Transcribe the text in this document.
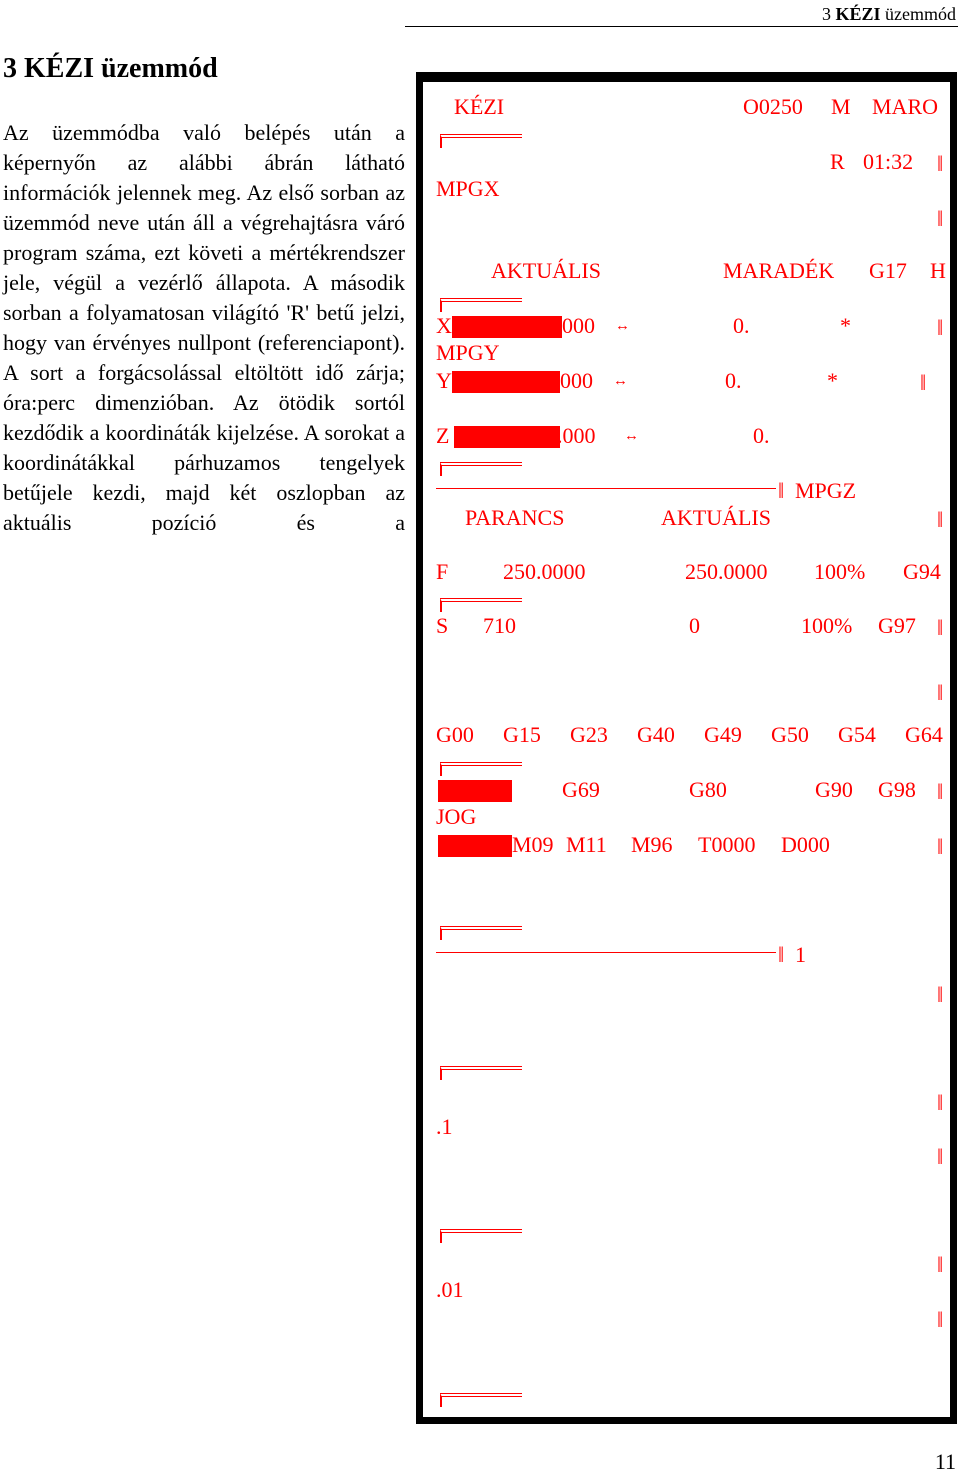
3 KÉZI üzemmód
3 KÉZI üzemmód

Az üzemmódba való belépés után a képernyőn az alábbi ábrán látható információk jelennek meg. Az első sorban az üzemmód neve után áll a végrehajtásra váró program száma, ezt követi a mértékrendszer jele, végül a vezérlő állapota. A második sorban a folyamatosan világító 'R' betű jelzi, hogy van érvényes nullpont (referenciapont). A sort a forgácsolással eltöltött idő zárja; óra:perc dimenzióban. Az ötödik sortól kezdődik a koordináták kijelzése. A sorokat a koordinátákkal párhuzamos tengelyek betűjele kezdi, majd két oszlopban az aktuális pozíció és a

KÉZI	O0250 M MARO
R 01:32 ‖
MPGX
‖
AKTUÁLIS	MARADÉK G17 H
X	000 ↔	0.	*	‖
MPGY
Y	000 ↔	0.	*	‖
Z	.000 ↔	0.
‖ MPGZ
PARANCS	AKTUÁLIS	‖
F 250.0000	250.0000 100% G94
S 710	0	100% G97 ‖
‖
G00 G15 G23 G40 G49 G50 G54 G64
G69	G80	G90 G98 ‖
JOG
M09 M11 M96 T0000 D000	‖
‖ 1
‖
‖
.1
‖
‖
.01
‖
11
